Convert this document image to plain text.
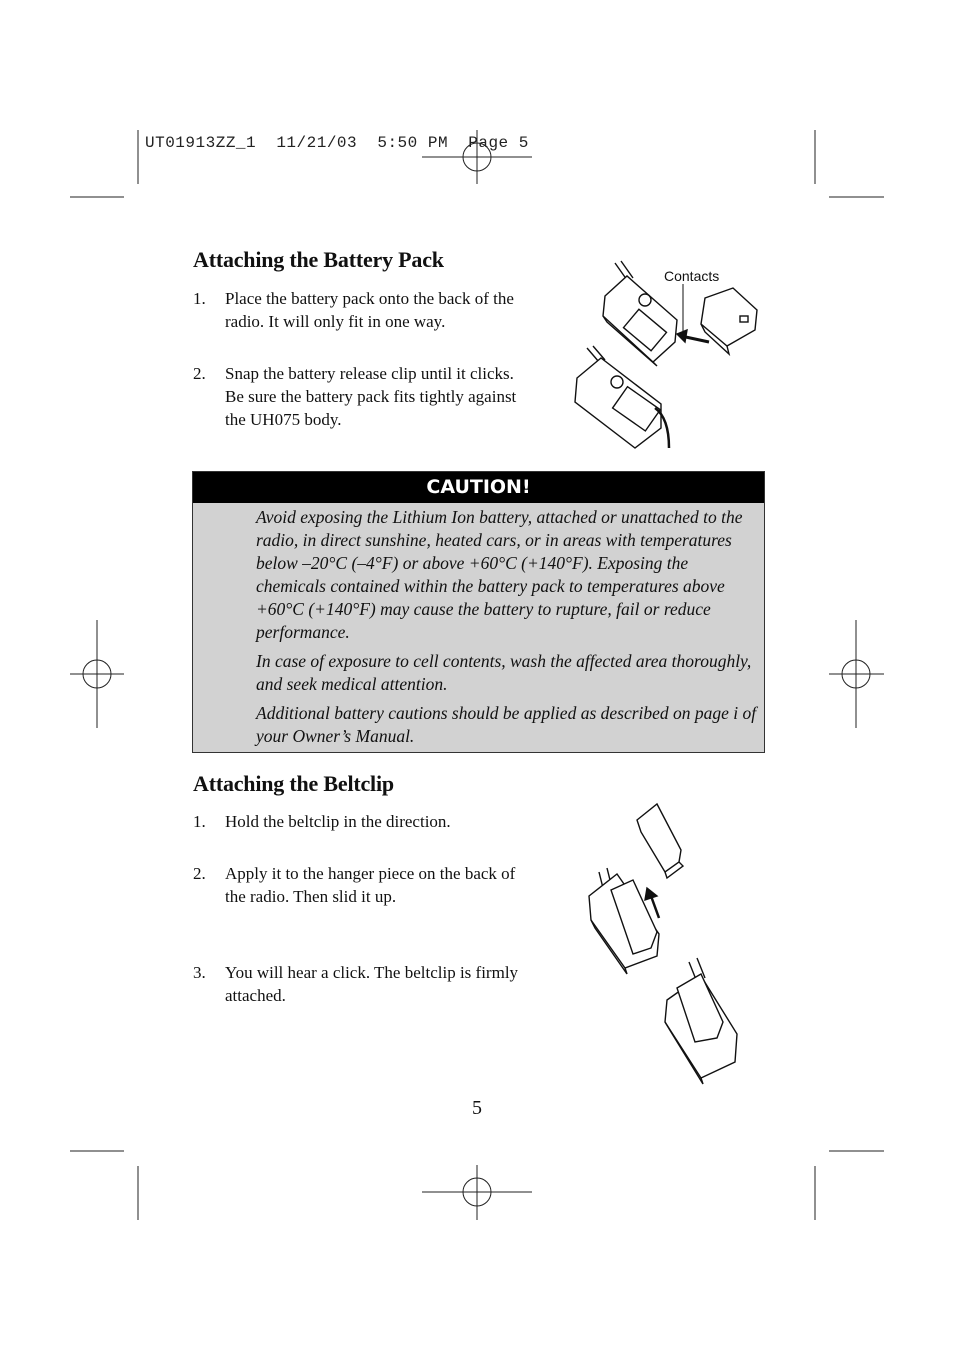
UT01913ZZ_1  11/21/03  5:50 PM  Page 5
Attaching the Battery Pack
1. Place the battery pack onto the back of the radio. It will only fit in one way.
2. Snap the battery release clip until it clicks. Be sure the battery pack fits tightly against the UH075 body.
Contacts
CAUTION!

Avoid exposing the Lithium Ion battery, attached or unattached to the radio, in direct sunshine, heated cars, or in areas with temperatures below –20°C (–4°F) or above +60°C (+140°F). Exposing the chemicals contained within the battery pack to temperatures above +60°C (+140°F) may cause the battery to rupture, fail or reduce performance.

In case of exposure to cell contents, wash the affected area thoroughly, and seek medical attention.

Additional battery cautions should be applied as described on page i of your Owner’s Manual.

Attaching the Beltclip
1. Hold the beltclip in the direction.
2. Apply it to the hanger piece on the back of the radio. Then slid it up.
3. You will hear a click. The beltclip is firmly attached.
5
